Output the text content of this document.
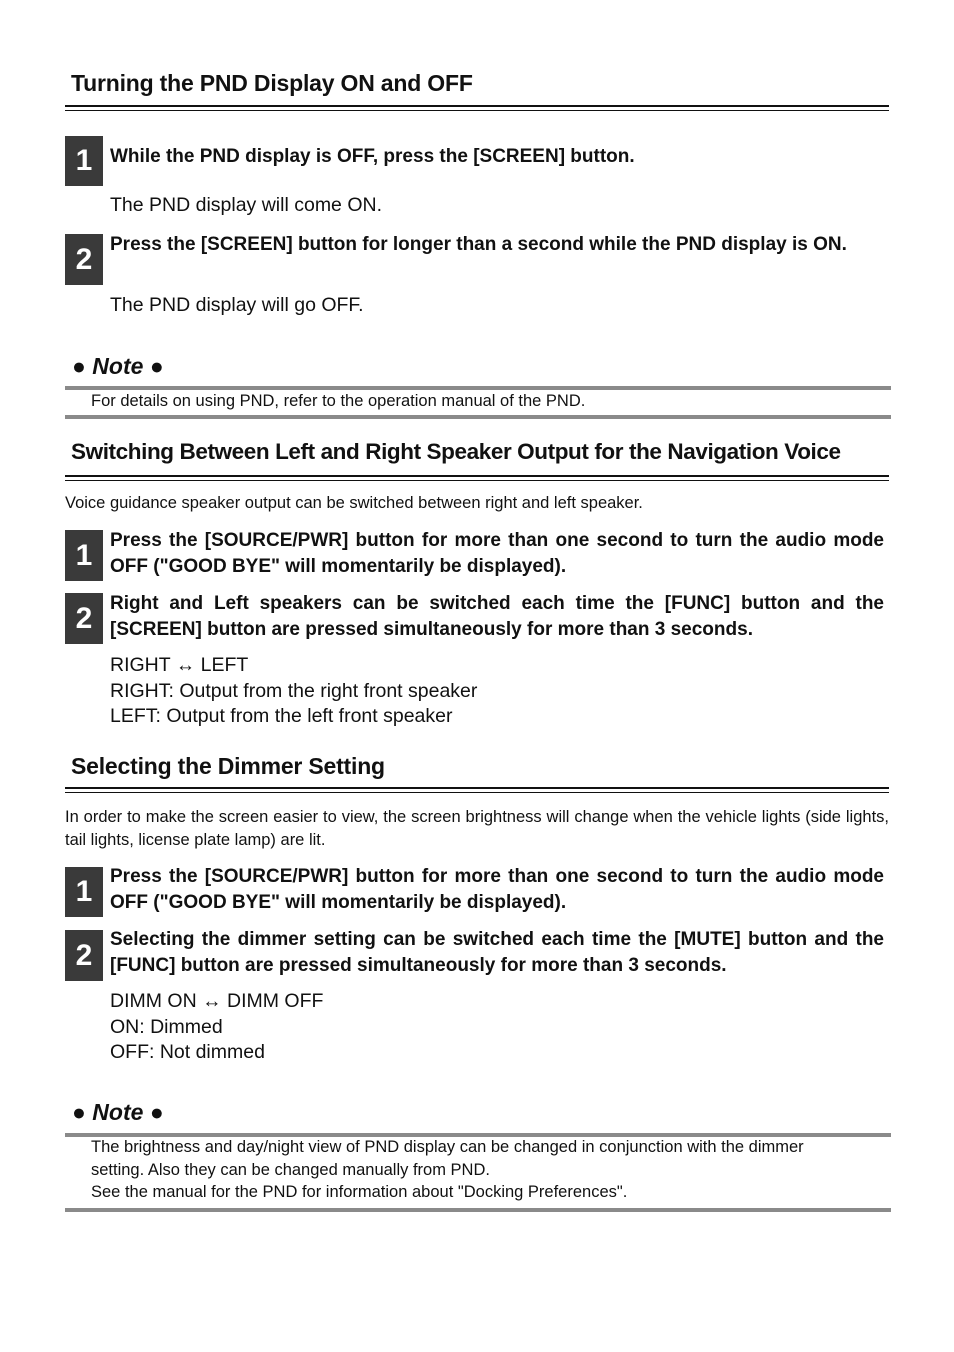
Turning the PND Display ON and OFF
1 While the PND display is OFF, press the [SCREEN] button.
The PND display will come ON.
2 Press the [SCREEN] button for longer than a second while the PND display is ON.
The PND display will go OFF.
● Note ●
For details on using PND, refer to the operation manual of the PND.
Switching Between Left and Right Speaker Output for the Navigation Voice
Voice guidance speaker output can be switched between right and left speaker.
1 Press the [SOURCE/PWR] button for more than one second to turn the audio mode OFF ("GOOD BYE" will momentarily be displayed).
2 Right and Left speakers can be switched each time the [FUNC] button and the [SCREEN] button are pressed simultaneously for more than 3 seconds.
RIGHT ↔ LEFT
RIGHT: Output from the right front speaker
LEFT: Output from the left front speaker
Selecting the Dimmer Setting
In order to make the screen easier to view, the screen brightness will change when the vehicle lights (side lights, tail lights, license plate lamp) are lit.
1 Press the [SOURCE/PWR] button for more than one second to turn the audio mode OFF ("GOOD BYE" will momentarily be displayed).
2 Selecting the dimmer setting can be switched each time the [MUTE] button and the [FUNC] button are pressed simultaneously for more than 3 seconds.
DIMM ON ↔ DIMM OFF
ON: Dimmed
OFF: Not dimmed
● Note ●
The brightness and day/night view of PND display can be changed in conjunction with the dimmer
setting. Also they can be changed manually from PND.
See the manual for the PND for information about "Docking Preferences".
